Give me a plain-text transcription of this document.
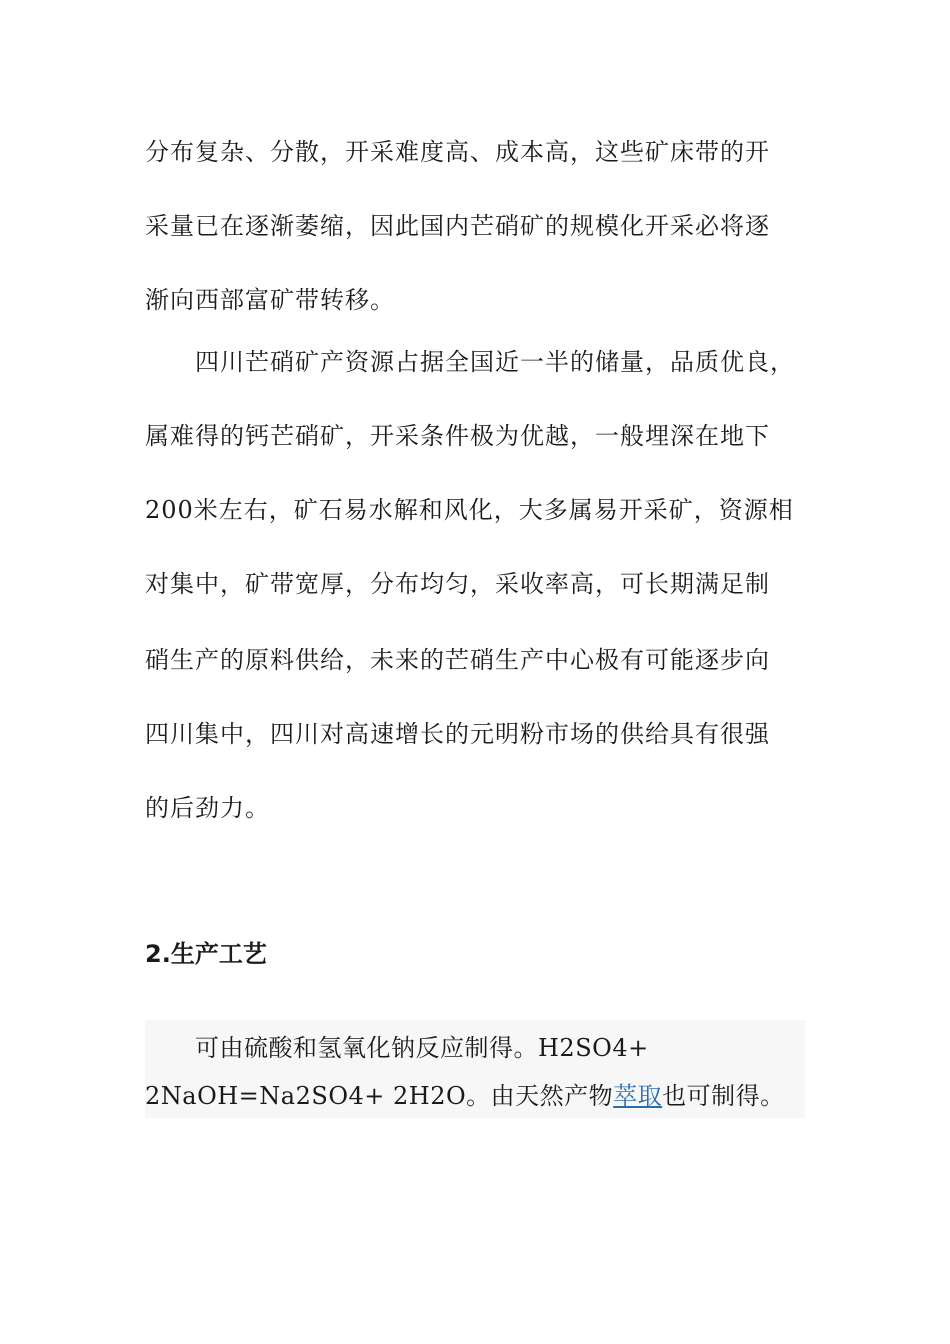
分布复杂、分散，开采难度高、成本高，这些矿床带的开
采量已在逐渐萎缩，因此国内芒硝矿的规模化开采必将逐
渐向西部富矿带转移。
四川芒硝矿产资源占据全国近一半的储量，品质优良，
属难得的钙芒硝矿，开采条件极为优越，一般埋深在地下
200米左右，矿石易水解和风化，大多属易开采矿，资源相
对集中，矿带宽厚，分布均匀，采收率高，可长期满足制
硝生产的原料供给，未来的芒硝生产中心极有可能逐步向
四川集中，四川对高速增长的元明粉市场的供给具有很强
的后劲力。
2.生产工艺
可由硫酸和氢氧化钠反应制得。H2SO4+
2NaOH=Na2SO4+ 2H2O。由天然产物萃取也可制得。
